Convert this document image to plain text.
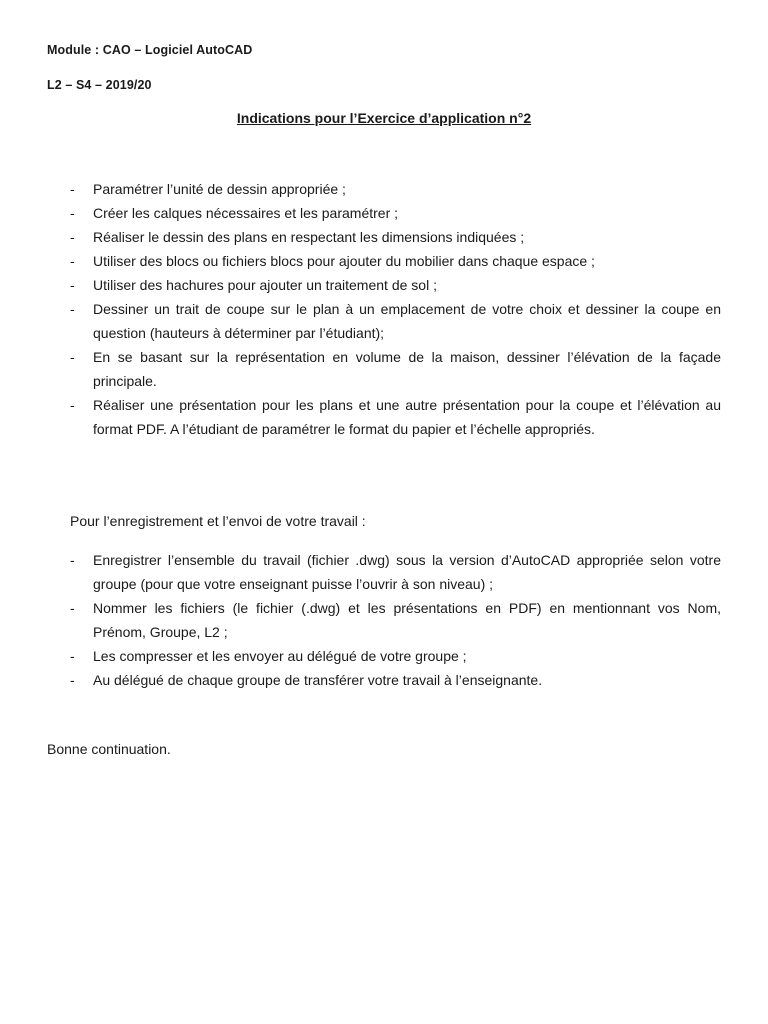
Module : CAO – Logiciel AutoCAD
L2 – S4 – 2019/20
Indications pour l’Exercice d’application n°2
- Paramétrer l’unité de dessin appropriée ;
- Créer les calques nécessaires et les paramétrer ;
- Réaliser le dessin des plans en respectant les dimensions indiquées ;
- Utiliser des blocs ou fichiers blocs pour ajouter du mobilier dans chaque espace ;
- Utiliser des hachures pour ajouter un traitement de sol ;
- Dessiner un trait de coupe sur le plan à un emplacement de votre choix et dessiner la coupe en question (hauteurs à déterminer par l’étudiant);
- En se basant sur la représentation en volume de la maison, dessiner l’élévation de la façade principale.
- Réaliser une présentation pour les plans et une autre présentation pour la coupe et l’élévation au format PDF. A l’étudiant de paramétrer le format du papier et l’échelle appropriés.
Pour l’enregistrement et l’envoi de votre travail :
- Enregistrer l’ensemble du travail (fichier .dwg) sous la version d’AutoCAD appropriée selon votre groupe (pour que votre enseignant puisse l’ouvrir à son niveau) ;
- Nommer les fichiers (le fichier (.dwg) et les présentations en PDF) en mentionnant vos Nom, Prénom, Groupe, L2 ;
- Les compresser et les envoyer au délégué de votre groupe ;
- Au délégué de chaque groupe de transférer votre travail à l’enseignante.
Bonne continuation.
